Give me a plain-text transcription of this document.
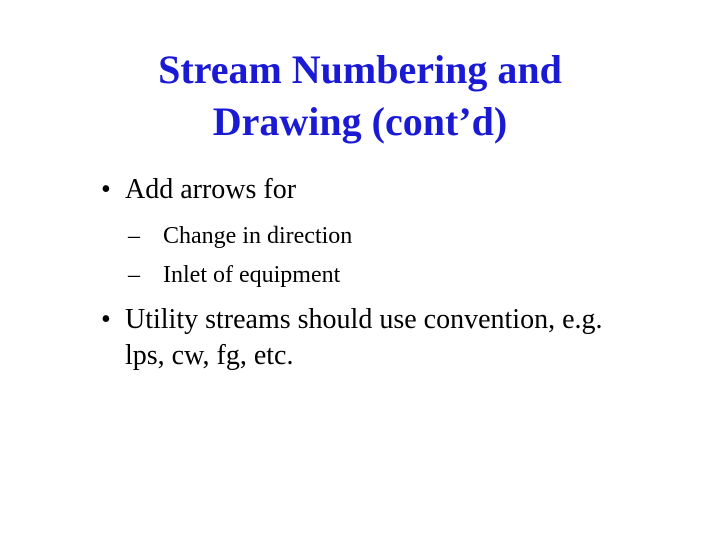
Stream Numbering and
Drawing (cont’d)
• Add arrows for
– Change in direction
– Inlet of equipment
• Utility streams should use convention, e.g.
lps, cw, fg, etc.
